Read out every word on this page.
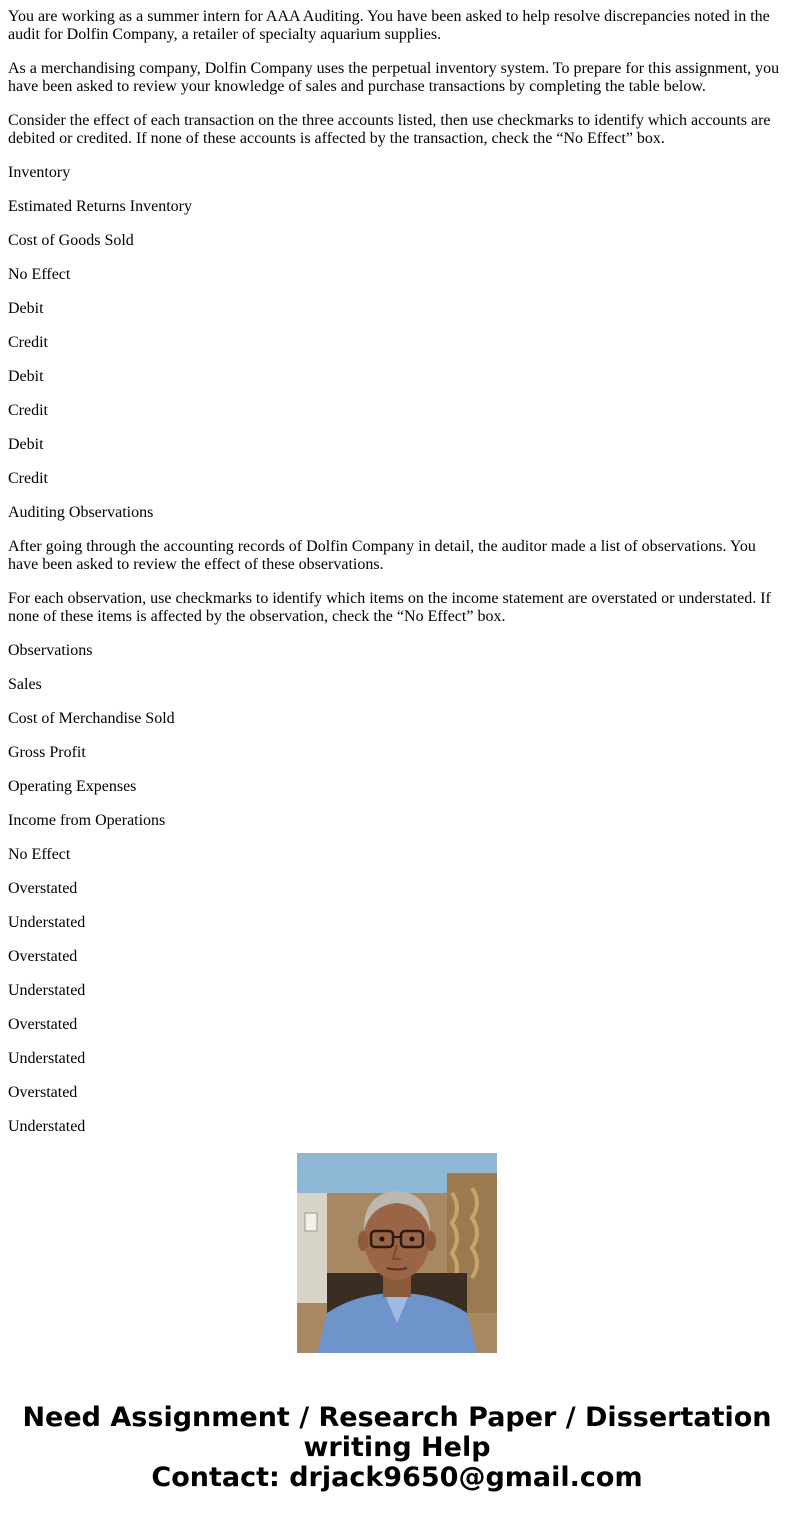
You are working as a summer intern for AAA Auditing. You have been asked to help resolve discrepancies noted in the audit for Dolfin Company, a retailer of specialty aquarium supplies.

As a merchandising company, Dolfin Company uses the perpetual inventory system. To prepare for this assignment, you have been asked to review your knowledge of sales and purchase transactions by completing the table below.

Consider the effect of each transaction on the three accounts listed, then use checkmarks to identify which accounts are debited or credited. If none of these accounts is affected by the transaction, check the “No Effect” box.

Inventory

Estimated Returns Inventory

Cost of Goods Sold

No Effect

Debit

Credit

Debit

Credit

Debit

Credit

Auditing Observations

After going through the accounting records of Dolfin Company in detail, the auditor made a list of observations. You have been asked to review the effect of these observations.

For each observation, use checkmarks to identify which items on the income statement are overstated or understated. If none of these items is affected by the observation, check the “No Effect” box.

Observations

Sales

Cost of Merchandise Sold

Gross Profit

Operating Expenses

Income from Operations

No Effect

Overstated

Understated

Overstated

Understated

Overstated

Understated

Overstated

Understated

Need Assignment / Research Paper / Dissertation
writing Help
Contact: drjack9650@gmail.com
